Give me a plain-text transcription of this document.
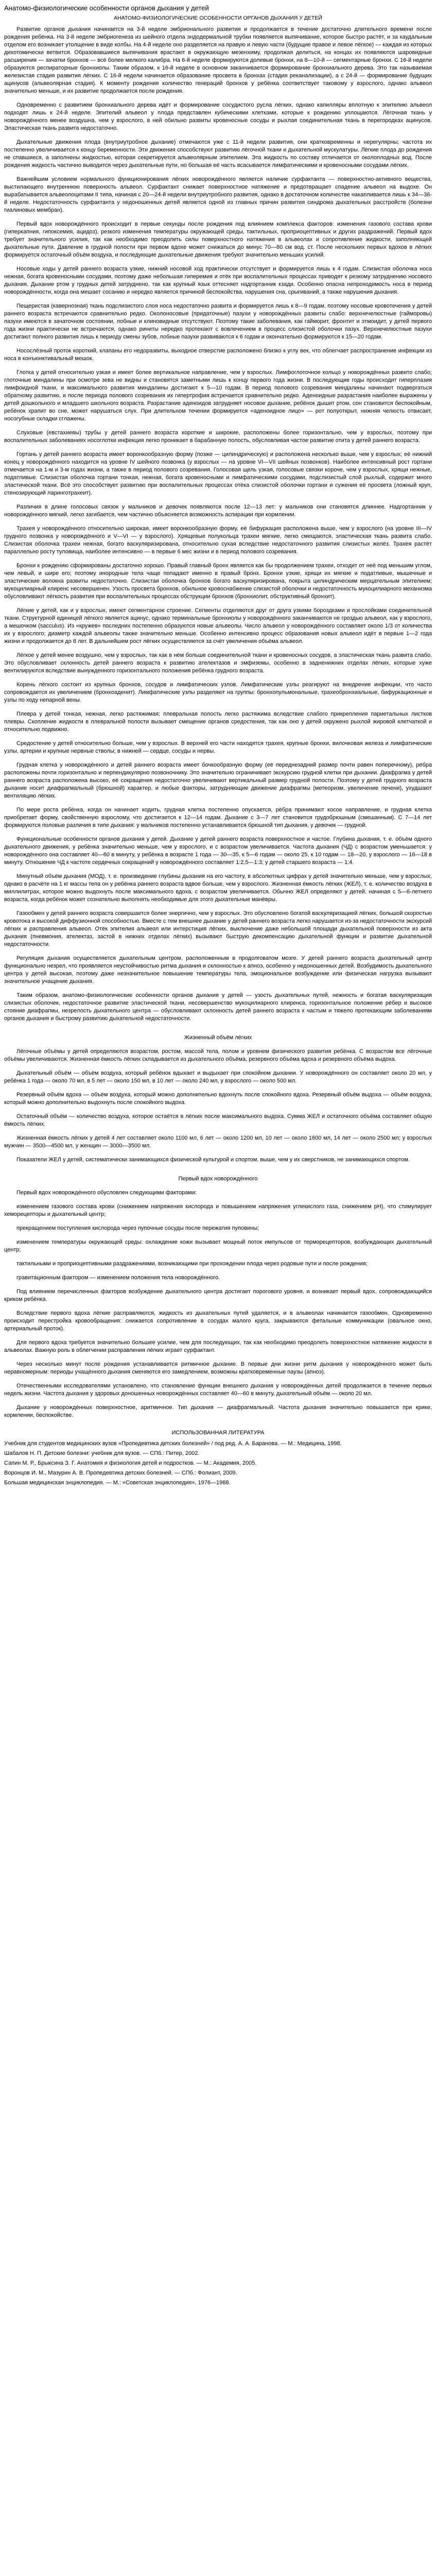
Анатомо-физиологические особенности органов дыхания у детей
АНАТОМО-ФИЗИОЛОГИЧЕСКИЕ ОСОБЕННОСТИ ОРГАНОВ ДЫХАНИЯ У ДЕТЕЙ

Развитие органов дыхания начинается на 3-й неделе эмбрионального развития и продолжается в течение достаточно длительного времени после рождения ребёнка. На 3-й неделе эмбриогенеза из шейного отдела эндодермальной трубки появляется выпячивание, которое быстро растёт, и за каудальным отделом его возникает утолщение в виде колбы. На 4-й неделе оно разделяется на правую и левую части (будущие правое и левое лёгкое) — каждая из которых дихотомически ветвится. Образовавшиеся выпячивания врастают в окружающую мезенхиму, продолжая делиться, на концах их появляются шаровидные расширения — зачатки бронхов — всё более мелкого калибра. На 6-й неделе формируются долевые бронхи, на 8—10-й — сегментарные бронхи. С 16-й недели образуются респираторные бронхиолы. Таким образом, к 16-й неделе в основном заканчивается формирование бронхиального дерева. Это так называемая железистая стадия развития лёгких. С 16-й недели начинается образование просвета в бронхах (стадия реканализации), а с 24-й — формирование будущих ацинусов (альвеолярная стадия). К моменту рождения количество генераций бронхов у ребёнка соответствует таковому у взрослого, однако альвеол значительно меньше, и их развитие продолжается после рождения.

Одновременно с развитием бронхиального дерева идёт и формирование сосудистого русла лёгких, однако капилляры вплотную к эпителию альвеол подходят лишь к 24-й неделе. Эпителий альвеол у плода представлен кубическими клетками, которые к рождению уплощаются. Лёгочная ткань у новорождённого менее воздушна, чем у взрослого, в ней обильно развиты кровеносные сосуды и рыхлая соединительная ткань в перегородках ацинусов. Эластическая ткань развита недостаточно.

Дыхательные движения плода (внутриутробное дыхание) отмечаются уже с 11-й недели развития, они кратковременны и нерегулярны; частота их постепенно увеличивается к концу беременности. Эти движения способствуют развитию лёгочной ткани и дыхательной мускулатуры. Лёгкие плода до рождения не спавшиеся, а заполнены жидкостью, которая секретируется альвеолярным эпителием. Эта жидкость по составу отличается от околоплодных вод. После рождения жидкость частично выводится через дыхательные пути, но большая её часть всасывается лимфатическими и кровеносными сосудами лёгких.

Важнейшим условием нормального функционирования лёгких новорождённого является наличие сурфактанта — поверхностно-активного вещества, выстилающего внутреннюю поверхность альвеол. Сурфактант снижает поверхностное натяжение и предотвращает спадение альвеол на выдохе. Он вырабатывается альвеолоцитами II типа, начиная с 20—24-й недели внутриутробного развития, однако в достаточном количестве накапливается лишь к 34—36-й неделе. Недостаточность сурфактанта у недоношенных детей является одной из главных причин развития синдрома дыхательных расстройств (болезни гиалиновых мембран).

Первый вдох новорождённого происходит в первые секунды после рождения под влиянием комплекса факторов: изменения газового состава крови (гиперкапния, гипоксемия, ацидоз), резкого изменения температуры окружающей среды, тактильных, проприоцептивных и других раздражений. Первый вдох требует значительного усилия, так как необходимо преодолеть силы поверхностного натяжения в альвеолах и сопротивление жидкости, заполняющей дыхательные пути. Давление в грудной полости при первом вдохе может снижаться до минус 70—80 см вод. ст. После нескольких первых вдохов в лёгких формируется остаточный объём воздуха, и последующие дыхательные движения требуют значительно меньших усилий.

Носовые ходы у детей раннего возраста узкие, нижний носовой ход практически отсутствует и формируется лишь к 4 годам. Слизистая оболочка носа нежная, богата кровеносными сосудами, поэтому даже небольшая гиперемия и отёк при воспалительных процессах приводят к резкому затруднению носового дыхания. Дыхание ртом у грудных детей затруднено, так как крупный язык оттесняет надгортанник кзади. Особенно опасна непроходимость носа в период новорождённости, когда она мешает сосанию и нередко является причиной беспокойства, нарушения сна, срыгиваний, а также нарушения дыхания.

Пещеристая (кавернозная) ткань подслизистого слоя носа недостаточно развита и формируется лишь к 8—9 годам, поэтому носовые кровотечения у детей раннего возраста встречаются сравнительно редко. Околоносовые (придаточные) пазухи у новорождённых развиты слабо: верхнечелюстные (гайморовы) пазухи имеются в зачаточном состоянии, лобные и клиновидные отсутствуют. Поэтому такие заболевания, как гайморит, фронтит и этмоидит, у детей первого года жизни практически не встречаются, однако риниты нередко протекают с вовлечением в процесс слизистой оболочки пазух. Верхнечелюстные пазухи достигают полного развития лишь к периоду смены зубов, лобные пазухи развиваются к 6 годам и окончательно формируются к 15—20 годам.

Носослёзный проток короткий, клапаны его недоразвиты, выходное отверстие расположено близко к углу век, что облегчает распространение инфекции из носа в конъюнктивальный мешок.

Глотка у детей относительно узкая и имеет более вертикальное направление, чем у взрослых. Лимфоглоточное кольцо у новорождённых развито слабо; глоточные миндалины при осмотре зева не видны и становятся заметными лишь к концу первого года жизни. В последующие годы происходит гиперплазия лимфоидной ткани, и максимального развития миндалины достигают к 5—10 годам. В период полового созревания миндалины начинают подвергаться обратному развитию, и после периода полового созревания их гипертрофия встречается сравнительно редко. Аденоидные разрастания наиболее выражены у детей дошкольного и младшего школьного возраста. Разрастание аденоидов затрудняет носовое дыхание, ребёнок дышит ртом, сон становится беспокойным, ребёнок храпит во сне, может нарушаться слух. При длительном течении формируется «аденоидное лицо» — рот полуоткрыт, нижняя челюсть отвисает, носогубные складки сглажены.

Слуховые (евстахиевы) трубы у детей раннего возраста короткие и широкие, расположены более горизонтально, чем у взрослых, поэтому при воспалительных заболеваниях носоглотки инфекция легко проникает в барабанную полость, обусловливая частое развитие отита у детей раннего возраста.

Гортань у детей раннего возраста имеет воронкообразную форму (позже — цилиндрическую) и расположена несколько выше, чем у взрослых; её нижний конец у новорождённого находится на уровне IV шейного позвонка (у взрослых — на уровне VI—VII шейных позвонков). Наиболее интенсивный рост гортани отмечается на 1-м и 3-м годах жизни, а также в период полового созревания. Голосовая щель узкая, голосовые связки короче, чем у взрослых, хрящи нежные, податливые. Слизистая оболочка гортани тонкая, нежная, богата кровеносными и лимфатическими сосудами, подслизистый слой рыхлый, содержит много эластической ткани. Всё это способствует развитию при воспалительных процессах отёка слизистой оболочки гортани и сужения её просвета (ложный круп, стенозирующий ларинготрахеит).

Различия в длине голосовых связок у мальчиков и девочек появляются после 12—13 лет: у мальчиков они становятся длиннее. Надгортанник у новорождённого мягкий, легко загибается, чем частично объясняется возможность аспирации при кормлении.

Трахея у новорождённого относительно широкая, имеет воронкообразную форму, её бифуркация расположена выше, чем у взрослого (на уровне III—IV грудного позвонка у новорождённого и V—VI — у взрослого). Хрящевые полукольца трахеи мягкие, легко смещаются, эластическая ткань развита слабо. Слизистая оболочка трахеи нежная, богато васкуляризирована, относительно сухая вследствие недостаточного развития слизистых желёз. Трахея растёт параллельно росту туловища, наиболее интенсивно — в первые 6 мес жизни и в период полового созревания.

Бронхи к рождению сформированы достаточно хорошо. Правый главный бронх является как бы продолжением трахеи, отходит от неё под меньшим углом, чем левый, и шире его; поэтому инородные тела чаще попадают именно в правый бронх. Бронхи узкие, хрящи их мягкие и податливые, мышечные и эластические волокна развиты недостаточно. Слизистая оболочка бронхов богато васкуляризирована, покрыта цилиндрическим мерцательным эпителием; мукоцилиарный клиренс несовершенен. Узость просвета бронхов, обильное кровоснабжение слизистой оболочки и недостаточность мукоцилиарного механизма обусловливают лёгкость развития при воспалительных процессах обструкции бронхов (бронхиолит, обструктивный бронхит).

Лёгкие у детей, как и у взрослых, имеют сегментарное строение. Сегменты отделяются друг от друга узкими бороздками и прослойками соединительной ткани. Структурной единицей лёгкого является ацинус, однако терминальные бронхиолы у новорождённого заканчиваются не гроздью альвеол, как у взрослого, а мешочком (sacculus). Из «кружев» последних постепенно образуются новые альвеолы. Число альвеол у новорождённого составляет около 1/3 от количества их у взрослого; диаметр каждой альвеолы также значительно меньше. Особенно интенсивно процесс образования новых альвеол идёт в первые 1—2 года жизни и продолжается до 8 лет. В дальнейшем рост лёгких осуществляется за счёт увеличения объёма альвеол.

Лёгкое у детей менее воздушно, чем у взрослых, так как в нём больше соединительной ткани и кровеносных сосудов, а эластическая ткань развита слабо. Это обусловливает склонность детей раннего возраста к развитию ателектазов и эмфиземы, особенно в задненижних отделах лёгких, которые хуже вентилируются вследствие вынужденного горизонтального положения ребёнка грудного возраста.

Корень лёгкого состоит из крупных бронхов, сосудов и лимфатических узлов. Лимфатические узлы реагируют на внедрение инфекции, что часто сопровождается их увеличением (бронхоаденит). Лимфатические узлы разделяют на группы: бронхопульмональные, трахеобронхиальные, бифуркационные и узлы по ходу непарной вены.

Плевра у детей тонкая, нежная, легко растяжимая; плевральная полость легко растяжима вследствие слабого прикрепления париетальных листков плевры. Скопление жидкости в плевральной полости вызывает смещение органов средостения, так как оно у детей окружено рыхлой жировой клетчаткой и относительно подвижно.

Средостение у детей относительно больше, чем у взрослых. В верхней его части находятся трахея, крупные бронхи, вилочковая железа и лимфатические узлы, артерии и крупные нервные стволы; в нижней — сердце, сосуды и нервы.

Грудная клетка у новорождённого и детей раннего возраста имеет бочкообразную форму (её переднезадний размер почти равен поперечному), рёбра расположены почти горизонтально и перпендикулярно позвоночнику. Это значительно ограничивает экскурсию грудной клетки при дыхании. Диафрагма у детей раннего возраста расположена высоко, её сокращения недостаточно увеличивают вертикальный размер грудной полости. Поэтому у детей грудного возраста дыхание носит диафрагмальный (брюшной) характер, и любые факторы, затрудняющие движение диафрагмы (метеоризм, увеличение печени), ухудшают вентиляцию лёгких.

По мере роста ребёнка, когда он начинает ходить, грудная клетка постепенно опускается, рёбра принимают косое направление, и грудная клетка приобретает форму, свойственную взрослому, что достигается к 12—14 годам. Дыхание с 3—7 лет становится грудобрюшным (смешанным). С 7—14 лет формируются половые различия в типе дыхания: у мальчиков постепенно устанавливается брюшной тип дыхания, у девочек — грудной.

Функциональные особенности органов дыхания у детей. Дыхание у детей раннего возраста поверхностное и частое. Глубина дыхания, т. е. объём одного дыхательного движения, у ребёнка значительно меньше, чем у взрослого, и с возрастом увеличивается. Частота дыхания (ЧД) с возрастом уменьшается: у новорождённого она составляет 40—60 в минуту, у ребёнка в возрасте 1 года — 30—35, к 5—6 годам — около 25, к 10 годам — 18—20, у взрослого — 16—18 в минуту. Отношение ЧД к частоте сердечных сокращений у новорождённого составляет 1:2,5—1:3; у детей старшего возраста — 1:4.

Минутный объём дыхания (МОД), т. е. произведение глубины дыхания на его частоту, в абсолютных цифрах у детей значительно меньше, чем у взрослых, однако в расчёте на 1 кг массы тела он у ребёнка раннего возраста вдвое больше, чем у взрослого. Жизненная ёмкость лёгких (ЖЕЛ), т. е. количество воздуха в миллилитрах, которое можно выдохнуть после максимального вдоха, с возрастом увеличивается. Обычно ЖЕЛ определяют у детей, начиная с 5—6-летнего возраста, когда ребёнок может сознательно выполнять необходимые для этого дыхательные манёвры.

Газообмен у детей раннего возраста совершается более энергично, чем у взрослых. Это обусловлено богатой васкуляризацией лёгких, большой скоростью кровотока и высокой диффузионной способностью. Вместе с тем внешнее дыхание у детей раннего возраста легко нарушается из-за недостаточности экскурсий лёгких и расправления альвеол. Отёк эпителия альвеол или интерстиция лёгких, выключение даже небольшой площади дыхательной поверхности из акта дыхания (пневмония, ателектаз, застой в нижних отделах лёгких) вызывают быструю декомпенсацию дыхательной функции и развитие дыхательной недостаточности.

Регуляция дыхания осуществляется дыхательным центром, расположенным в продолговатом мозге. У детей раннего возраста дыхательный центр функционально незрел, что проявляется неустойчивостью ритма дыхания и склонностью к апноэ, особенно у недоношенных детей. Возбудимость дыхательного центра у детей высокая, поэтому даже незначительное повышение температуры тела, эмоциональное возбуждение или физическая нагрузка вызывают значительное учащение дыхания.

Таким образом, анатомо-физиологические особенности органов дыхания у детей — узость дыхательных путей, нежность и богатая васкуляризация слизистых оболочек, недостаточное развитие эластической ткани, несовершенство мукоцилиарного клиренса, горизонтальное положение рёбер и высокое стояние диафрагмы, незрелость дыхательного центра — обусловливают склонность детей раннего возраста к частым и тяжело протекающим заболеваниям органов дыхания и быстрому развитию дыхательной недостаточности.

Жизненный объём лёгких

Лёгочные объёмы у детей определяются возрастом, ростом, массой тела, полом и уровнем физического развития ребёнка. С возрастом все лёгочные объёмы увеличиваются. Жизненная ёмкость лёгких складывается из дыхательного объёма, резервного объёма вдоха и резервного объёма выдоха.

Дыхательный объём — объём воздуха, который ребёнок вдыхает и выдыхает при спокойном дыхании. У новорождённого он составляет около 20 мл, у ребёнка 1 года — около 70 мл, в 5 лет — около 150 мл, в 10 лет — около 240 мл, у взрослого — около 500 мл.

Резервный объём вдоха — объём воздуха, который можно дополнительно вдохнуть после спокойного вдоха. Резервный объём выдоха — объём воздуха, который можно дополнительно выдохнуть после спокойного выдоха.

Остаточный объём — количество воздуха, которое остаётся в лёгких после максимального выдоха. Сумма ЖЕЛ и остаточного объёма составляет общую ёмкость лёгких.

Жизненная ёмкость лёгких у детей 4 лет составляет около 1100 мл, 6 лет — около 1200 мл, 10 лет — около 1600 мл, 14 лет — около 2500 мл; у взрослых мужчин — 3500—4500 мл, у женщин — 3000—3500 мл.

Показатели ЖЕЛ у детей, систематически занимающихся физической культурой и спортом, выше, чем у их сверстников, не занимающихся спортом.

Первый вдох новорождённого

Первый вдох новорождённого обусловлен следующими факторами:

изменением газового состава крови (снижением напряжения кислорода и повышением напряжения углекислого газа, снижением pH), что стимулирует хеморецепторы и дыхательный центр;

прекращением поступления кислорода через пупочные сосуды после пережатия пуповины;

изменением температуры окружающей среды: охлаждение кожи вызывает мощный поток импульсов от терморецепторов, возбуждающих дыхательный центр;

тактильными и проприоцептивными раздражениями, возникающими при прохождении плода через родовые пути и после рождения;

гравитационным фактором — изменением положения тела новорождённого.

Под влиянием перечисленных факторов возбуждение дыхательного центра достигает порогового уровня, и возникает первый вдох, сопровождающийся криком ребёнка.

Вследствие первого вдоха лёгкие расправляются, жидкость из дыхательных путей удаляется, и в альвеолах начинается газообмен. Одновременно происходит перестройка кровообращения: снижается сопротивление в сосудах малого круга, закрываются фетальные коммуникации (овальное окно, артериальный проток).

Для первого вдоха требуется значительно большее усилие, чем для последующих, так как необходимо преодолеть поверхностное натяжение жидкости в альвеолах. Важную роль в облегчении расправления лёгких играет сурфактант.

Через несколько минут после рождения устанавливается ритмичное дыхание. В первые дни жизни ритм дыхания у новорождённого может быть неравномерным: периоды учащённого дыхания сменяются его замедлением, возможны кратковременные паузы (апноэ).

Отечественными исследователями установлено, что становление функции внешнего дыхания у новорождённых детей продолжается в течение первых недель жизни. Частота дыхания у здоровых доношенных новорождённых составляет 40—60 в минуту, дыхательный объём — около 20 мл.

Дыхание у новорождённых поверхностное, аритмичное. Тип дыхания — диафрагмальный. Частота дыхания значительно повышается при крике, кормлении, беспокойстве.

ИСПОЛЬЗОВАННАЯ ЛИТЕРАТУРА

Учебник для студентов медицинских вузов «Пропедевтика детских болезней» / под ред. А. А. Баранова. — М.: Медицина, 1998.

Шабалов Н. П. Детские болезни: учебник для вузов. — СПб.: Питер, 2002.

Сапин М. Р., Брыксина З. Г. Анатомия и физиология детей и подростков. — М.: Академия, 2005.

Воронцов И. М., Мазурин А. В. Пропедевтика детских болезней. — СПб.: Фолиант, 2009.

Большая медицинская энциклопедия. — М.: «Советская энциклопедия», 1976—1988.
